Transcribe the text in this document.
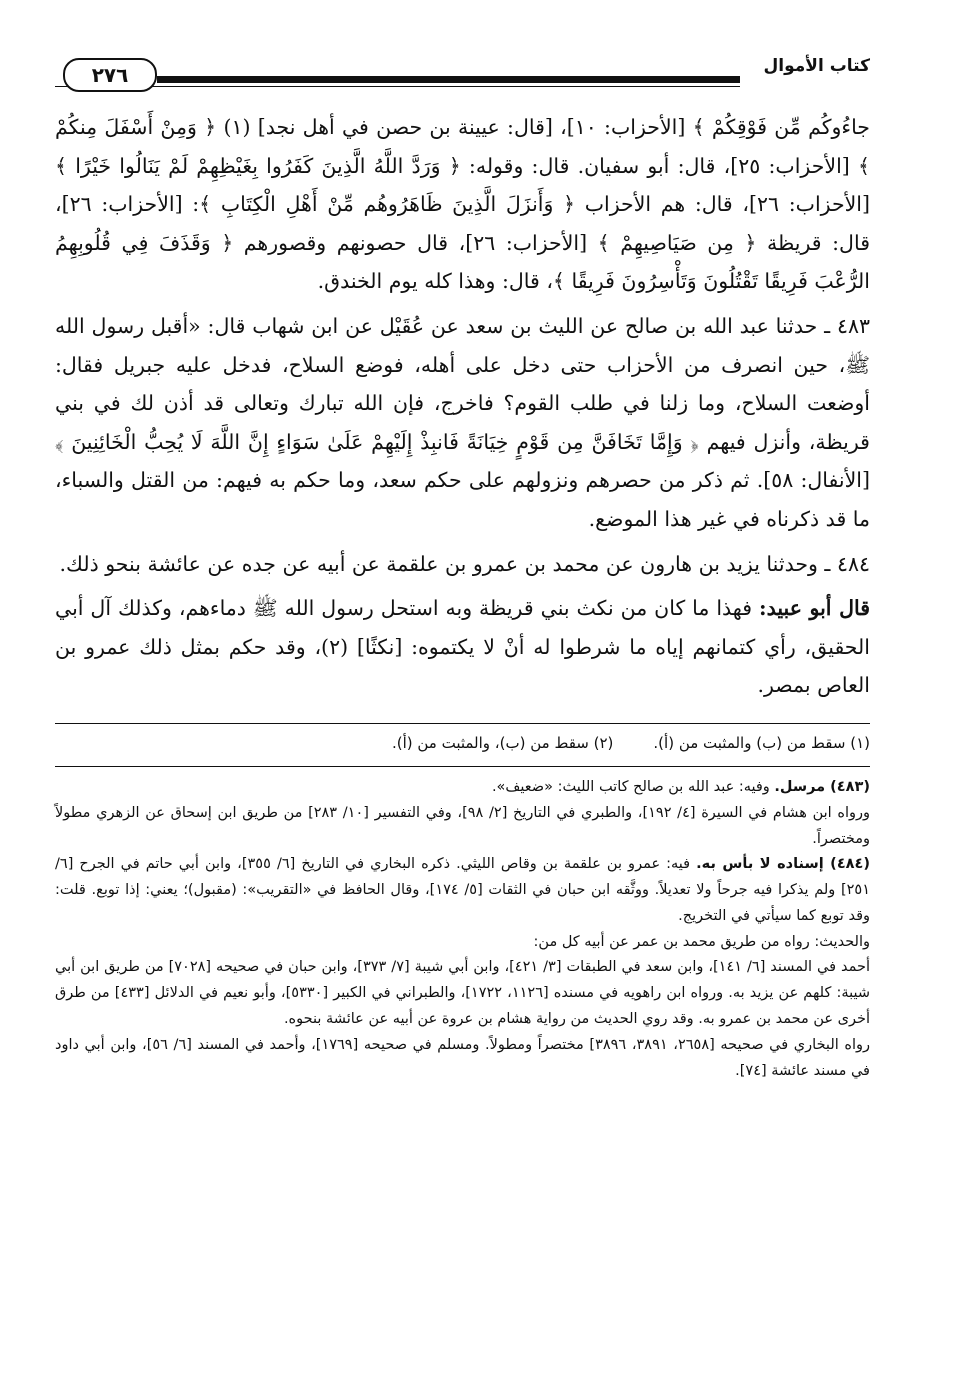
كتاب الأموال
٢٧٦

جاءُوكُم مِّن فَوْقِكُمْ ﴾ [الأحزاب: ١٠]، [قال: عيينة بن حصن في أهل نجد] (١) ﴿ وَمِنْ أَسْفَلَ مِنكُمْ ﴾ [الأحزاب: ٢٥]، قال: أبو سفيان. قال: وقوله: ﴿ وَرَدَّ اللَّهُ الَّذِينَ كَفَرُوا بِغَيْظِهِمْ لَمْ يَنَالُوا خَيْرًا ﴾ [الأحزاب: ٢٦]، قال: هم الأحزاب ﴿ وَأَنزَلَ الَّذِينَ ظَاهَرُوهُم مِّنْ أَهْلِ الْكِتَابِ ﴾: [الأحزاب: ٢٦]، قال: قريظة ﴿ مِن صَيَاصِيهِمْ ﴾ [الأحزاب: ٢٦]، قال حصونهم وقصورهم ﴿ وَقَذَفَ فِي قُلُوبِهِمُ الرُّعْبَ فَرِيقًا تَقْتُلُونَ وَتَأْسِرُونَ فَرِيقًا ﴾، قال: وهذا كله يوم الخندق.

٤٨٣ ـ حدثنا عبد الله بن صالح عن الليث بن سعد عن عُقَيْل عن ابن شهاب قال: «أقبل رسول الله ﷺ، حين انصرف من الأحزاب حتى دخل على أهله، فوضع السلاح، فدخل عليه جبريل فقال: أوضعت السلاح، وما زلنا في طلب القوم؟ فاخرج، فإن الله تبارك وتعالى قد أذن لك في بني قريظة، وأنزل فيهم ﴿ وَإِمَّا تَخَافَنَّ مِن قَوْمٍ خِيَانَةً فَانبِذْ إِلَيْهِمْ عَلَىٰ سَوَاءٍ إِنَّ اللَّهَ لَا يُحِبُّ الْخَائِنِينَ ﴾ [الأنفال: ٥٨]. ثم ذكر من حصرهم ونزولهم على حكم سعد، وما حكم به فيهم: من القتل والسباء، ما قد ذكرناه في غير هذا الموضع.

٤٨٤ ـ وحدثنا يزيد بن هارون عن محمد بن عمرو بن علقمة عن أبيه عن جده عن عائشة بنحو ذلك.

قال أبو عبيد: فهذا ما كان من نكث بني قريظة وبه استحل رسول الله ﷺ دماءهم، وكذلك آل أبي الحقيق، رأي كتمانهم إياه ما شرطوا له أنْ لا يكتموه: [نكثًا] (٢)، وقد حكم بمثل ذلك عمرو بن العاص بمصر.

(١) سقط من (ب) والمثبت من (أ).
(٢) سقط من (ب)، والمثبت من (أ).

(٤٨٣) مرسل. وفيه: عبد الله بن صالح كاتب الليث: «ضعيف».

ورواه ابن هشام في السيرة [٤/ ١٩٢]، والطبري في التاريخ [٢/ ٩٨]، وفي التفسير [١٠/ ٢٨٣] من طريق ابن إسحاق عن الزهري مطولاً ومختصراً.

(٤٨٤) إسناده لا بأس به. فيه: عمرو بن علقمة بن وقاص الليثي. ذكره البخاري في التاريخ [٦/ ٣٥٥]، وابن أبي حاتم في الجرح [٦/ ٢٥١] ولم يذكرا فيه جرحاً ولا تعديلاً. ووثَّقه ابن حبان في الثقات [٥/ ١٧٤]، وقال الحافظ في «التقريب»: (مقبول)؛ يعني: إذا توبع. قلت: وقد توبع كما سيأتي في التخريج.

والحديث: رواه من طريق محمد بن عمر عن أبيه كل من:

أحمد في المسند [٦/ ١٤١]، وابن سعد في الطبقات [٣/ ٤٢١]، وابن أبي شيبة [٧/ ٣٧٣]، وابن حبان في صحيحه [٧٠٢٨] من طريق ابن أبي شيبة: كلهم عن يزيد به. ورواه ابن راهويه في مسنده [١١٢٦، ١٧٢٢]، والطبراني في الكبير [٥٣٣٠]، وأبو نعيم في الدلائل [٤٣٣] من طرق أخرى عن محمد بن عمرو به. وقد روي الحديث من رواية هشام بن عروة عن أبيه عن عائشة بنحوه.

رواه البخاري في صحيحه [٢٦٥٨، ٣٨٩١، ٣٨٩٦] مختصراً ومطولاً. ومسلم في صحيحه [١٧٦٩]، وأحمد في المسند [٦/ ٥٦]، وابن أبي داود في مسند عائشة [٧٤].
